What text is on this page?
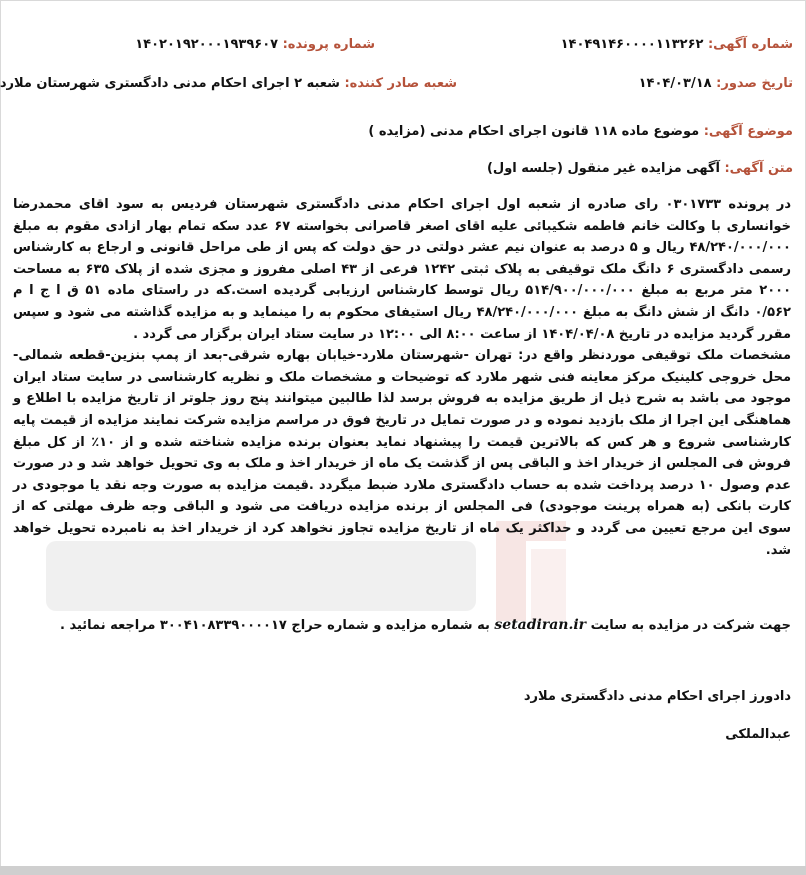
شماره آگهی: ۱۴۰۴۹۱۴۶۰۰۰۰۱۱۳۲۶۲
شماره پرونده: ۱۴۰۲۰۱۹۲۰۰۰۱۹۳۹۶۰۷
تاریخ صدور: ۱۴۰۴/۰۳/۱۸
شعبه صادر کننده: شعبه ۲ اجرای احکام مدنی دادگستری شهرستان ملارد
موضوع آگهی: موضوع ماده ۱۱۸ قانون اجرای احکام مدنی (مزایده )
متن آگهی: آگهی مزایده غیر منقول (جلسه اول)

در پرونده ۰۳۰۱۷۳۳ رای صادره از شعبه اول اجرای احکام مدنی دادگستری شهرستان فردیس به سود اقای محمدرضا خوانساری با وکالت خانم فاطمه شکیبائی علیه اقای اصغر قاصرانی بخواسته ۶۷ عدد سکه تمام بهار ازادی مقوم به مبلغ ۴۸/۲۴۰/۰۰۰/۰۰۰ ریال و ۵ درصد به عنوان نیم عشر دولتی در حق دولت که پس از طی مراحل قانونی و ارجاع به کارشناس رسمی دادگستری ۶ دانگ ملک توقیفی به پلاک ثبتی ۱۲۴۲ فرعی از ۴۳ اصلی مفروز و مجزی شده از پلاک ۶۳۵ به مساحت ۲۰۰۰ متر مربع به مبلغ ۵۱۴/۹۰۰/۰۰۰/۰۰۰ ریال توسط کارشناس ارزیابی گردیده است.که در راستای ماده ۵۱ ق ا ج ا م ۰/۵۶۲ دانگ از شش دانگ به مبلغ ۴۸/۲۴۰/۰۰۰/۰۰۰ ریال استیفای محکوم به را مینماید و به مزایده گذاشته می شود و سپس مقرر گردید مزایده در تاریخ ۱۴۰۴/۰۴/۰۸ از ساعت ۸:۰۰ الی ۱۲:۰۰ در سایت ستاد ایران برگزار می گردد .

مشخصات ملک توقیفی موردنظر واقع در: تهران -شهرستان ملارد-خیابان بهاره شرقی-بعد از پمپ بنزین-قطعه شمالی-محل خروجی کلینیک مرکز معاینه فنی شهر ملارد که توضیحات و مشخصات ملک و نظریه کارشناسی در سایت ستاد ایران موجود می باشد به شرح ذیل از طریق مزایده به فروش برسد لذا طالبین میتوانند پنج روز جلوتر از تاریخ مزایده با اطلاع و هماهنگی این اجرا از ملک بازدید نموده و در صورت تمایل در تاریخ فوق در مراسم مزایده شرکت نمایند مزایده از قیمت پایه کارشناسی شروع و هر کس که بالاترین قیمت را پیشنهاد نماید بعنوان برنده مزایده شناخته شده و از ۱۰٪ از کل مبلغ فروش فی المجلس از خریدار اخذ و الباقی پس از گذشت یک ماه از خریدار اخذ و ملک به وی تحویل خواهد شد و در صورت عدم وصول ۱۰ درصد پرداخت شده به حساب دادگستری ملارد ضبط میگردد .قیمت مزایده به صورت وجه نقد یا موجودی در کارت بانکی (به همراه پرینت موجودی) فی المجلس از برنده مزایده دریافت می شود و الباقی وجه ظرف مهلتی که از سوی این مرجع تعیین می گردد و حداکثر یک ماه از تاریخ مزایده تجاوز نخواهد کرد از خریدار اخذ به نامبرده تحویل خواهد شد.

جهت شرکت در مزایده به سایت setadiran.ir به شماره مزایده و شماره حراج ۳۰۰۴۱۰۸۳۳۹۰۰۰۰۱۷ مراجعه نمائید .
دادورز اجرای احکام مدنی دادگستری ملارد
عبدالملکی
